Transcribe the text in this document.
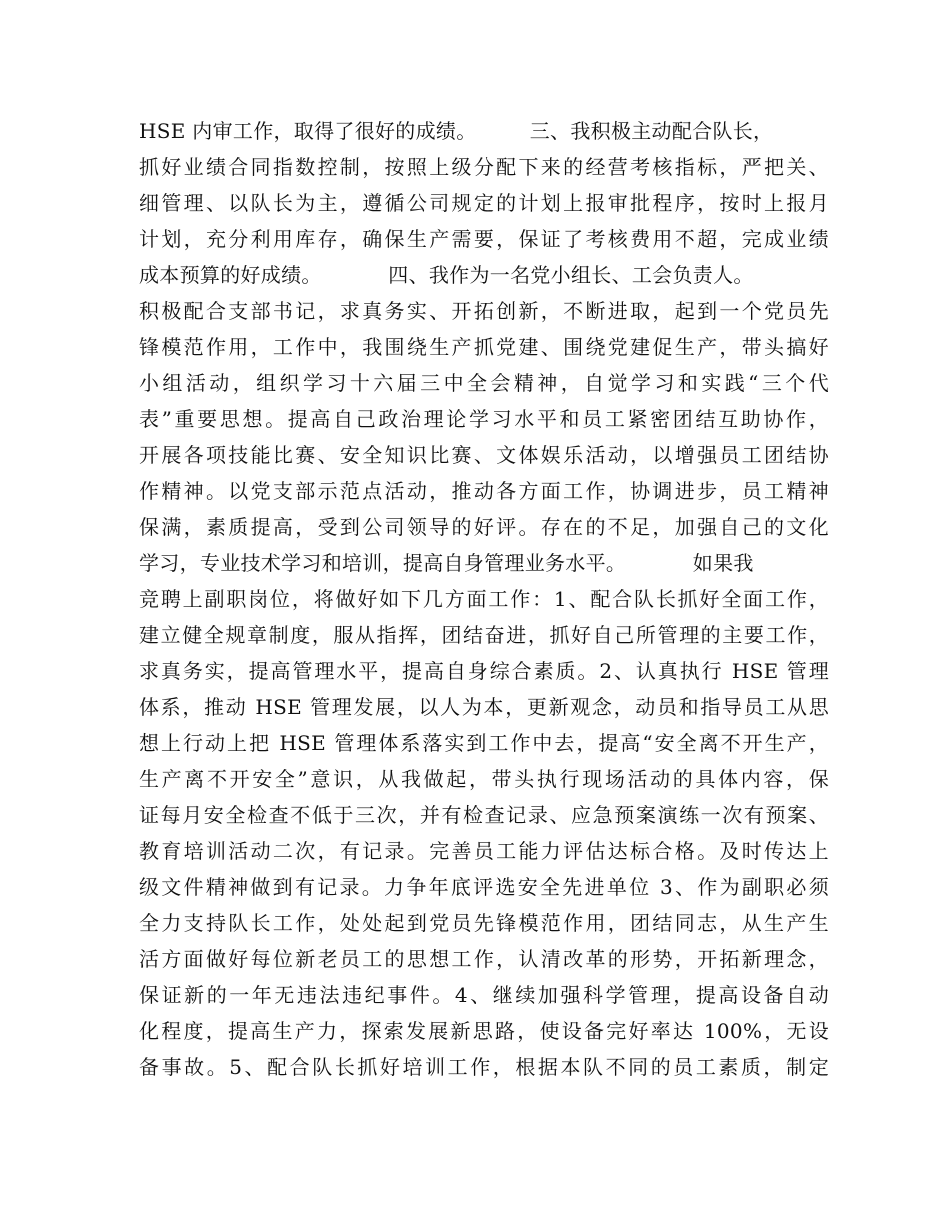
HSE 内审工作，取得了很好的成绩。        三、我积极主动配合队长，
抓好业绩合同指数控制，按照上级分配下来的经营考核指标，严把关、
细管理、以队长为主，遵循公司规定的计划上报审批程序，按时上报月
计划，充分利用库存，确保生产需要，保证了考核费用不超，完成业绩
成本预算的好成绩。          四、我作为一名党小组长、工会负责人。
积极配合支部书记，求真务实、开拓创新，不断进取，起到一个党员先
锋模范作用，工作中，我围绕生产抓党建、围绕党建促生产，带头搞好
小组活动，组织学习十六届三中全会精神，自觉学习和实践“三个代
表”重要思想。提高自己政治理论学习水平和员工紧密团结互助协作，
开展各项技能比赛、安全知识比赛、文体娱乐活动，以增强员工团结协
作精神。以党支部示范点活动，推动各方面工作，协调进步，员工精神
保满，素质提高，受到公司领导的好评。存在的不足，加强自己的文化
学习，专业技术学习和培训，提高自身管理业务水平。          如果我
竞聘上副职岗位，将做好如下几方面工作：1、配合队长抓好全面工作，
建立健全规章制度，服从指挥，团结奋进，抓好自己所管理的主要工作，
求真务实，提高管理水平，提高自身综合素质。2、认真执行 HSE 管理
体系，推动 HSE 管理发展，以人为本，更新观念，动员和指导员工从思
想上行动上把 HSE 管理体系落实到工作中去，提高“安全离不开生产，
生产离不开安全”意识，从我做起，带头执行现场活动的具体内容，保
证每月安全检查不低于三次，并有检查记录、应急预案演练一次有预案、
教育培训活动二次，有记录。完善员工能力评估达标合格。及时传达上
级文件精神做到有记录。力争年底评选安全先进单位 3、作为副职必须
全力支持队长工作，处处起到党员先锋模范作用，团结同志，从生产生
活方面做好每位新老员工的思想工作，认清改革的形势，开拓新理念，
保证新的一年无违法违纪事件。4、继续加强科学管理，提高设备自动
化程度，提高生产力，探索发展新思路，使设备完好率达 100%，无设
备事故。5、配合队长抓好培训工作，根据本队不同的员工素质，制定
